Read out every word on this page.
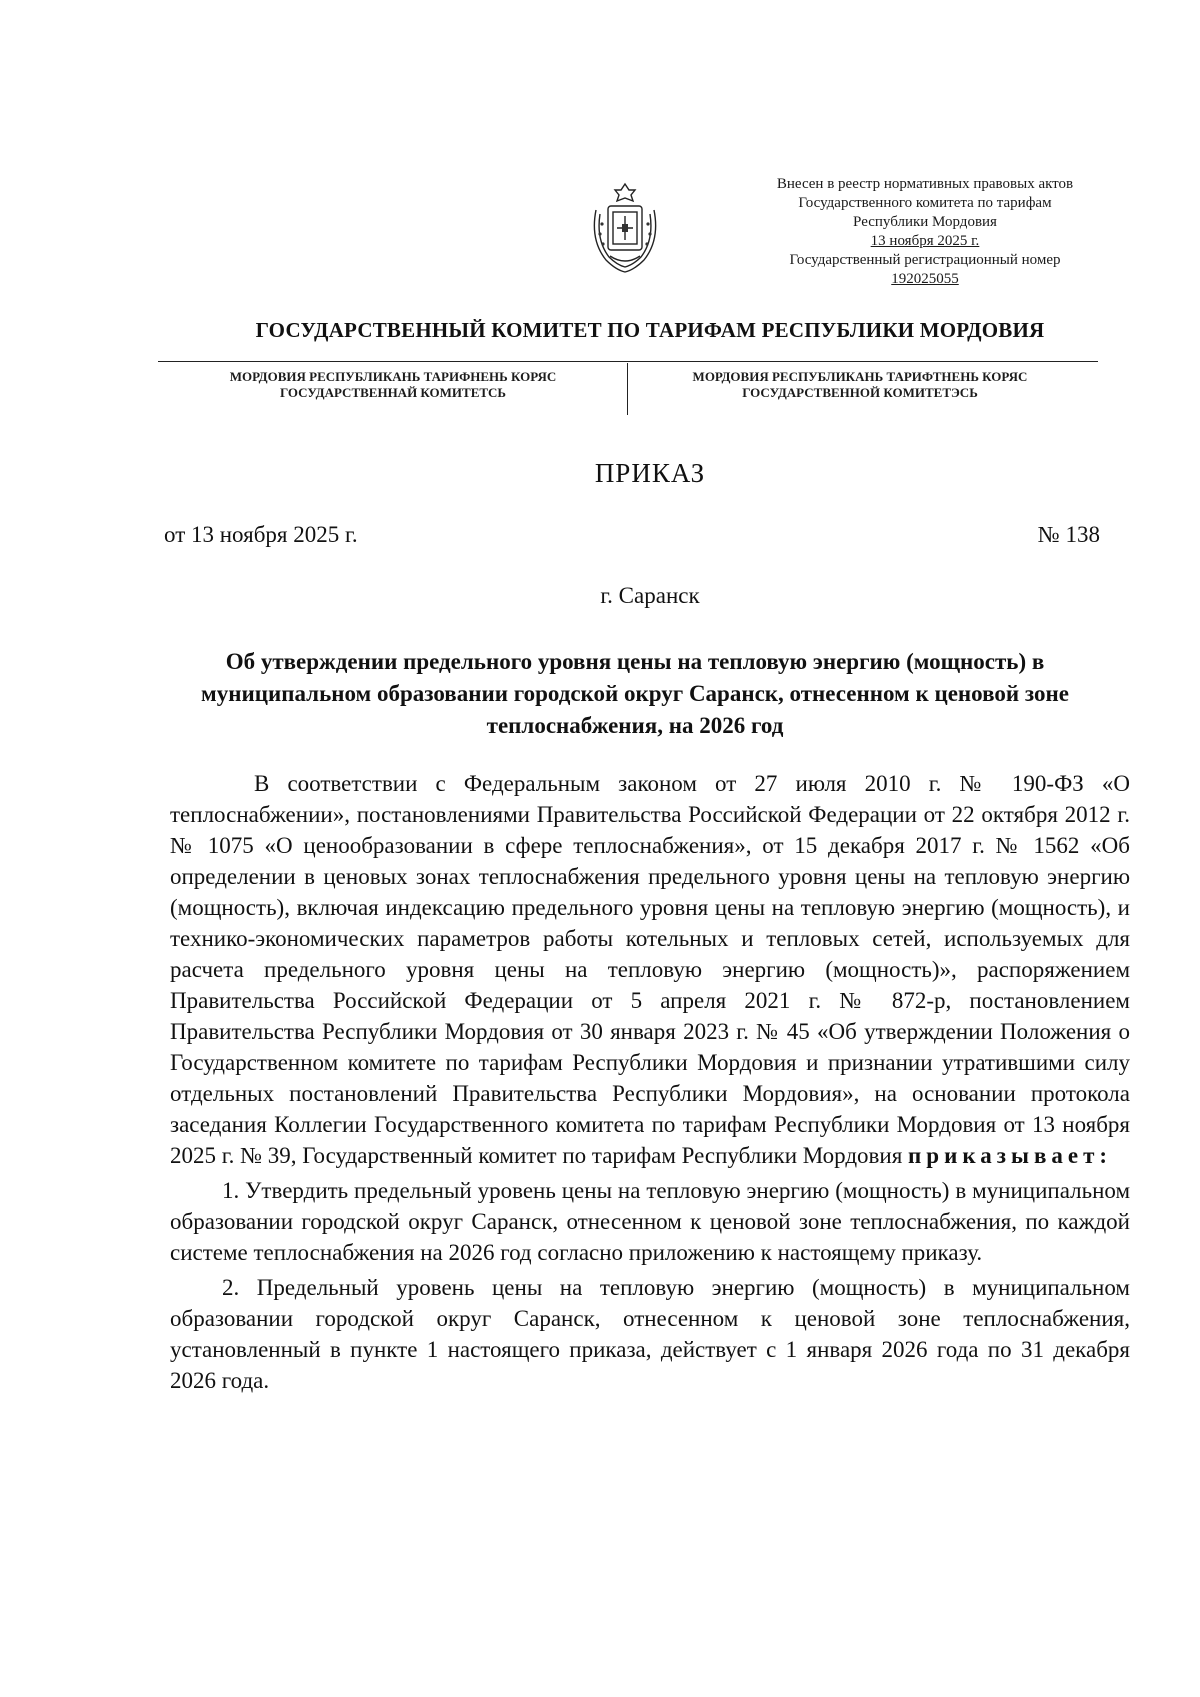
Внесен в реестр нормативных правовых актов
Государственного комитета по тарифам
Республики Мордовия
13 ноября 2025 г.
Государственный регистрационный номер
192025055
ГОСУДАРСТВЕННЫЙ КОМИТЕТ ПО ТАРИФАМ РЕСПУБЛИКИ МОРДОВИЯ
МОРДОВИЯ РЕСПУБЛИКАНЬ ТАРИФНЕНЬ КОРЯС
ГОСУДАРСТВЕННАЙ КОМИТЕТСЬ
МОРДОВИЯ РЕСПУБЛИКАНЬ ТАРИФТНЕНЬ КОРЯС
ГОСУДАРСТВЕННОЙ КОМИТЕТЭСЬ
ПРИКАЗ
от 13 ноября 2025 г.	№ 138
г. Саранск
Об утверждении предельного уровня цены на тепловую энергию (мощность) в муниципальном образовании городской округ Саранск, отнесенном к ценовой зоне теплоснабжения, на 2026 год

В соответствии с Федеральным законом от 27 июля 2010 г. № 190-ФЗ «О теплоснабжении», постановлениями Правительства Российской Федерации от 22 октября 2012 г. № 1075 «О ценообразовании в сфере теплоснабжения», от 15 декабря 2017 г. № 1562 «Об определении в ценовых зонах теплоснабжения предельного уровня цены на тепловую энергию (мощность), включая индексацию предельного уровня цены на тепловую энергию (мощность), и технико-экономических параметров работы котельных и тепловых сетей, используемых для расчета предельного уровня цены на тепловую энергию (мощность)», распоряжением Правительства Российской Федерации от 5 апреля 2021 г. № 872-р, постановлением Правительства Республики Мордовия от 30 января 2023 г. № 45 «Об утверждении Положения о Государственном комитете по тарифам Республики Мордовия и признании утратившими силу отдельных постановлений Правительства Республики Мордовия», на основании протокола заседания Коллегии Государственного комитета по тарифам Республики Мордовия от 13 ноября 2025 г. № 39, Государственный комитет по тарифам Республики Мордовия приказывает:

1. Утвердить предельный уровень цены на тепловую энергию (мощность) в муниципальном образовании городской округ Саранск, отнесенном к ценовой зоне теплоснабжения, по каждой системе теплоснабжения на 2026 год согласно приложению к настоящему приказу.

2. Предельный уровень цены на тепловую энергию (мощность) в муниципальном образовании городской округ Саранск, отнесенном к ценовой зоне теплоснабжения, установленный в пункте 1 настоящего приказа, действует с 1 января 2026 года по 31 декабря 2026 года.
